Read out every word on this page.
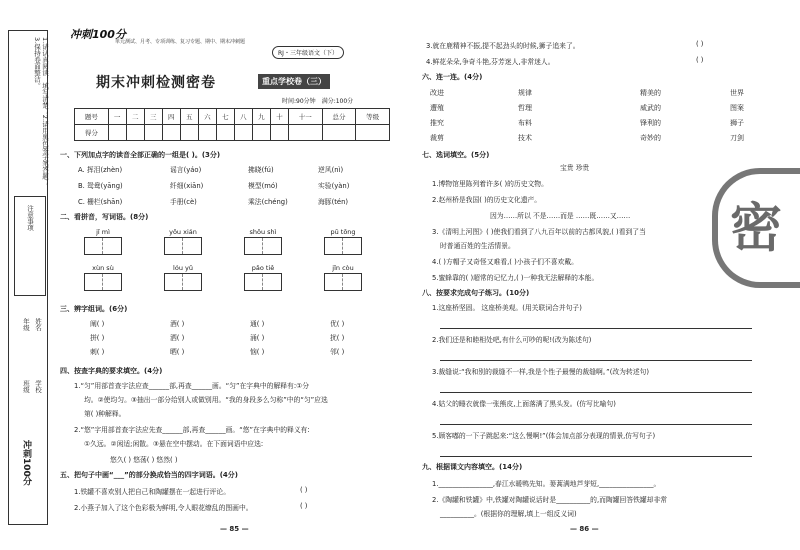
1.请认真阅读，填写清楚；2.请用黑色签字笔答题；3.保持卷面整洁。
注意事项
年级 姓名
班级 学校
冲刺100分
冲刺100分
单元测试、月考、专项训练、复习专题、期中、期末冲刺题
RJ・三年级语文（下）
期末冲刺检测密卷	重点学校卷（三）
时间:90分钟　 满分:100分
题号	一	二	三	四	五	六	七	八	九	十	十一	总分	等级
得分													
一、下列加点字的读音全部正确的一组是( )。(3分)
A. 挥泪(zhèn)	谣言(yáo)	拂晓(fú)	逆风(nì)
B. 鸳鸯(yāng)	纤细(xiān)	模型(mó)	实验(yàn)
C. 栅栏(shān)	手册(cè)	乘法(chéng)	海豚(tén)
二、看拼音，写词语。(8分)
jǐ mì	yōu xián	shōu shì	pū tōng
xùn sù	lóu yǔ	pǎo tiě	jǐn còu
三、辨字组词。(6分)
阐( )	酒( )	通( )	优( )
拼( )	洒( )	涌( )	扰( )
刺( )	晒( )	恼( )	邻( )
四、按查字典的要求填空。(4分)
1.“匀”用部首查字法应查______部,再查______画。“匀”在字典中的解释有:①分
均。②使均匀。③抽出一部分给别人或做别用。“我的身段多么匀称”中的“匀”应选
第( )种解释。
2.“悠”字用部首查字法应先查______部,再查______画。“悠”在字典中的释义有:
①久远。②闲适;闲散。③悬在空中摆动。在下面词语中应选:
悠久( ) 悠荡( ) 悠然( )
五、把句子中画“___”的部分换成恰当的四字词语。(4分)
1.铁罐不喜欢别人把自己和陶罐摆在一起进行评论。	( )
2.小燕子加入了这个色彩极为鲜明,令人眼花缭乱的图画中。	( )
— 85 —
3.就在鹿精神不振,提不起劲头的时候,狮子追来了。	( )
4.鲜花朵朵,争奇斗艳,芬芳迷人,非常迷人。	( )
六、连一连。(4分)
改进
遭殖
推究
裁剪
规律
哲理
布料
技术
精美的
威武的
锋利的
奇妙的
世界
图案
狮子
刀剑
七、选词填空。(5分)
宝贵 珍贵
1.博物馆里陈列着许多( )的历史文物。
2.赵州桥是我国( )的历史文化遗产。
因为……所以 不是……而是 ……既……又……
3.《清明上河图》( )使我们看到了八九百年以前的古都风貌,( )看到了当
时普通百姓的生活情景。
4.( )方帽子又奇怪又难看,( )小孩子们不喜欢戴。
5.蜜蜂靠的( )超常的记忆力,( )一种我无法解释的本能。
八、按要求完成句子练习。(10分)
1.这座桥坚固。 这座桥美观。(用关联词合并句子)
2.我们还是和睦相处吧,有什么可吵的呢!(改为陈述句)
3.裁缝说:“我和别的裁缝不一样,我是个性子最慢的裁缝啊。”(改为转述句)
4.姑父的睡衣就像一张熊皮,上面落满了黑头发。(仿写比喻句)
5.顾客嘟的一下子跳起来:“这么慢啊!”(体会加点部分表现的情景,仿写句子)
九、根据课文内容填空。(14分)
1.________________,春江水暖鸭先知。蒌蒿满地芦芽短,________________。
2.《陶罐和铁罐》中,铁罐对陶罐说话时是__________的,而陶罐回答铁罐却非常
__________。(根据你的理解,填上一组反义词)
— 86 —
密
